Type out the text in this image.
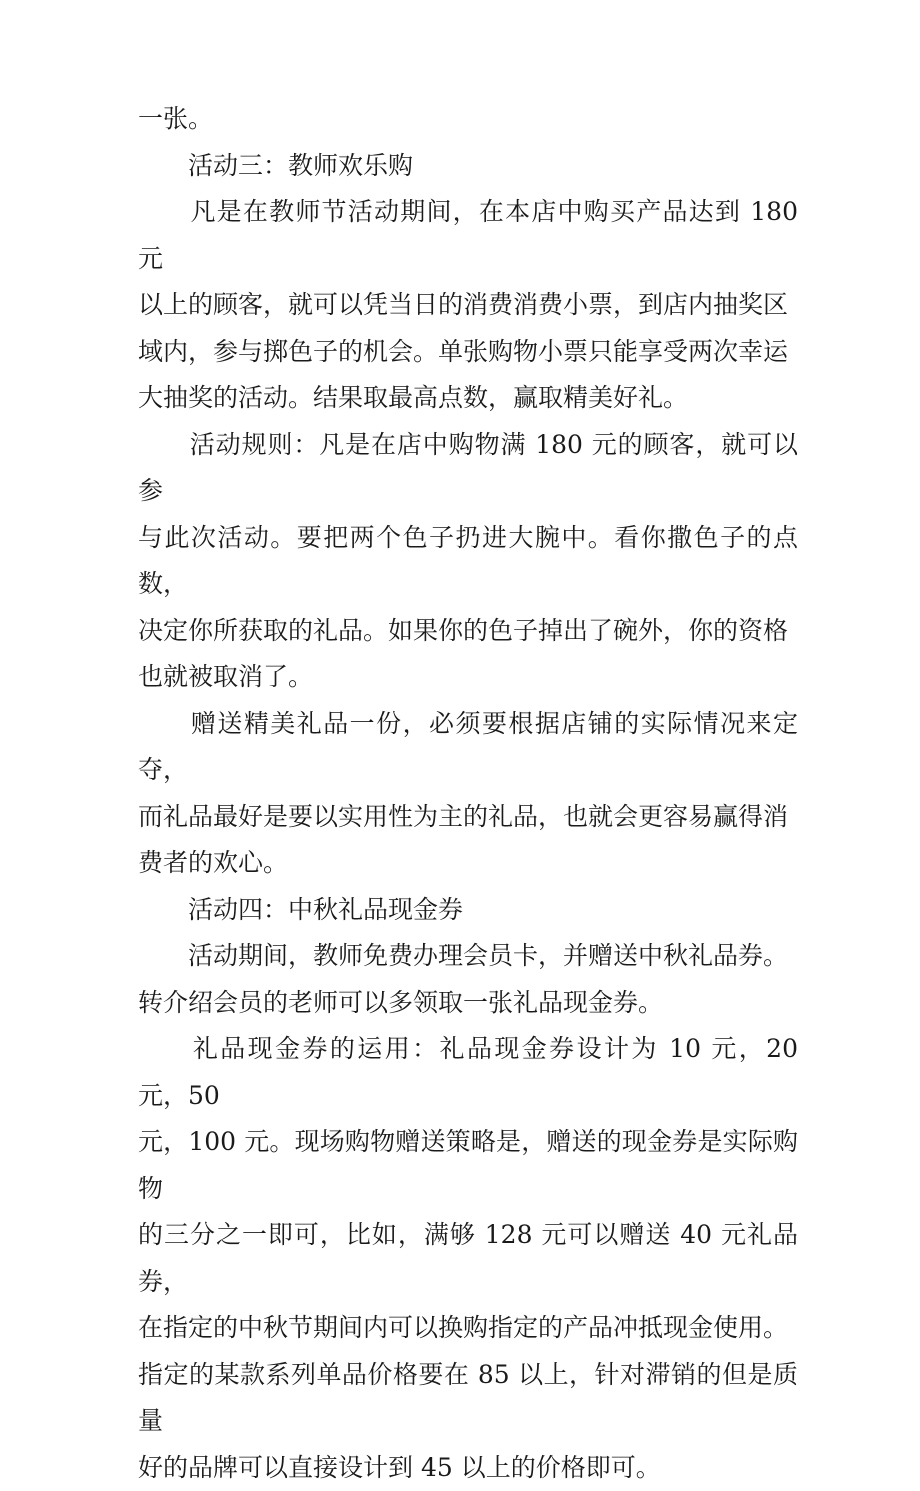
一张。

　　活动三：教师欢乐购

　　凡是在教师节活动期间，在本店中购买产品达到 180 元
以上的顾客，就可以凭当日的消费消费小票，到店内抽奖区
域内，参与掷色子的机会。单张购物小票只能享受两次幸运
大抽奖的活动。结果取最高点数，赢取精美好礼。

　　活动规则：凡是在店中购物满 180 元的顾客，就可以参
与此次活动。要把两个色子扔进大腕中。看你撒色子的点数，
决定你所获取的礼品。如果你的色子掉出了碗外，你的资格
也就被取消了。

　　赠送精美礼品一份，必须要根据店铺的实际情况来定夺，
而礼品最好是要以实用性为主的礼品，也就会更容易赢得消
费者的欢心。

　　活动四：中秋礼品现金券

　　活动期间，教师免费办理会员卡，并赠送中秋礼品券。
转介绍会员的老师可以多领取一张礼品现金券。

　　礼品现金券的运用：礼品现金券设计为 10 元，20 元，50
元，100 元。现场购物赠送策略是，赠送的现金券是实际购物
的三分之一即可，比如，满够 128 元可以赠送 40 元礼品券，
在指定的中秋节期间内可以换购指定的产品冲抵现金使用。
指定的某款系列单品价格要在 85 以上，针对滞销的但是质量
好的品牌可以直接设计到 45 以上的价格即可。
